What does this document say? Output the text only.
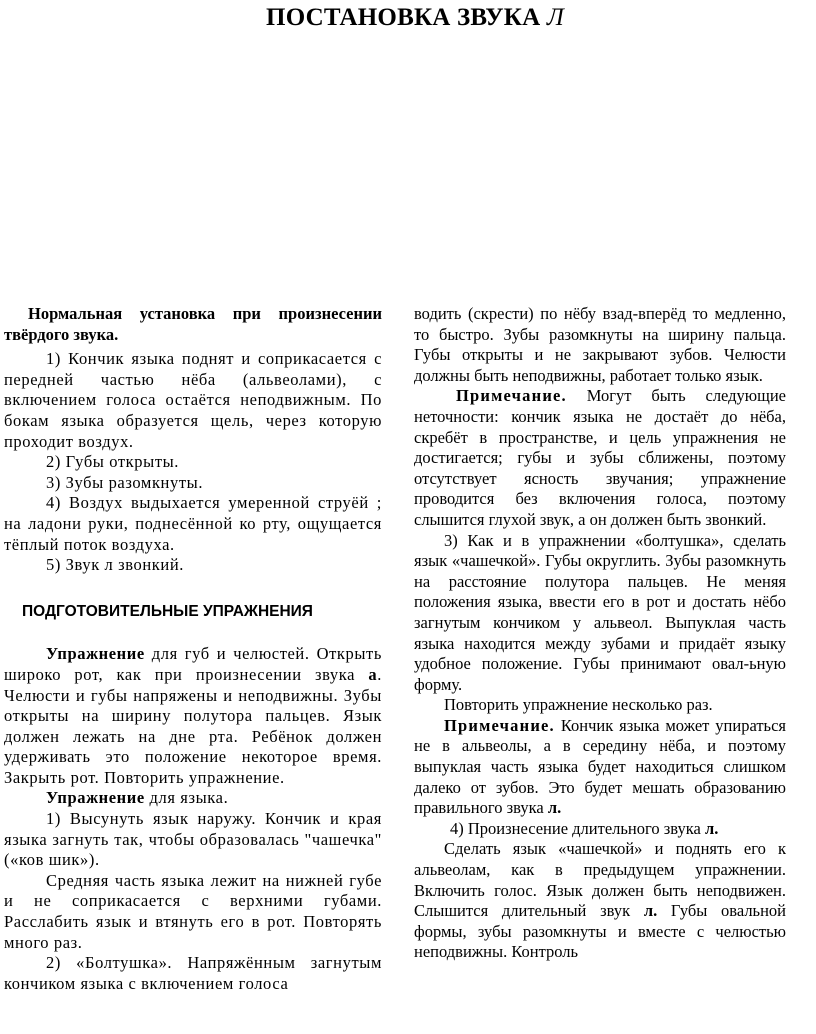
ПОСТАНОВКА ЗВУКА Л

Нормальная установка при произнесении твёрдого звука.

1) Кончик языка поднят и соприкасается с передней частью нёба (альвеолами), с включением голоса остаётся неподвижным. По бокам языка образуется щель, через которую проходит воздух.

2) Губы открыты.

3) Зубы разомкнуты.

4) Воздух выдыхается умеренной струёй ; на ладони руки, поднесённой ко рту, ощущается тёплый поток воздуха.

5) Звук л звонкий.

ПОДГОТОВИТЕЛЬНЫЕ УПРАЖНЕНИЯ

Упражнение для губ и челюстей. Открыть широко рот, как при произнесении звука а. Челюсти и губы напряжены и неподвижны. Зубы открыты на ширину полутора пальцев. Язык должен лежать на дне рта. Ребёнок должен удерживать это положение некоторое время. Закрыть рот. Повторить упражнение.

Упражнение для языка.

1) Высунуть язык наружу. Кончик и края языка загнуть так, чтобы образовалась "чашечка" («ков шик»).

Средняя часть языка лежит на нижней губе и не соприкасается с верхними губами. Расслабить язык и втянуть его в рот. Повторять много раз.

2) «Болтушка». Напряжённым загнутым кончиком языка с включением голоса

водить (скрести) по нёбу взад-вперёд то медленно, то быстро. Зубы разомкнуты на ширину пальца. Губы открыты и не закрывают зубов. Челюсти должны быть неподвижны, работает только язык.

Примечание. Могут быть следующие неточности: кончик языка не достаёт до нёба, скребёт в пространстве, и цель упражнения не достигается; губы и зубы сближены, поэтому отсутствует ясность звучания; упражнение проводится без включения голоса, поэтому слышится глухой звук, а он должен быть звонкий.

3) Как и в упражнении «болтушка», сделать язык «чашечкой». Губы округлить. Зубы разомкнуть на расстояние полутора пальцев. Не меняя положения языка, ввести его в рот и достать нёбо загнутым кончиком у альвеол. Выпуклая часть языка находится между зубами и придаёт языку удобное положение. Губы принимают овал-ьную форму.

Повторить упражнение несколько раз.

Примечание. Кончик языка может упираться не в альвеолы, а в середину нёба, и поэтому выпуклая часть языка будет находиться слишком далеко от зубов. Это будет мешать образованию правильного звука л.

4) Произнесение длительного звука л.

Сделать язык «чашечкой» и поднять его к альвеолам, как в предыдущем упражнении. Включить голос. Язык должен быть неподвижен. Слышится длительный звук л. Губы овальной формы, зубы разомкнуты и вместе с челюстью неподвижны. Контроль
